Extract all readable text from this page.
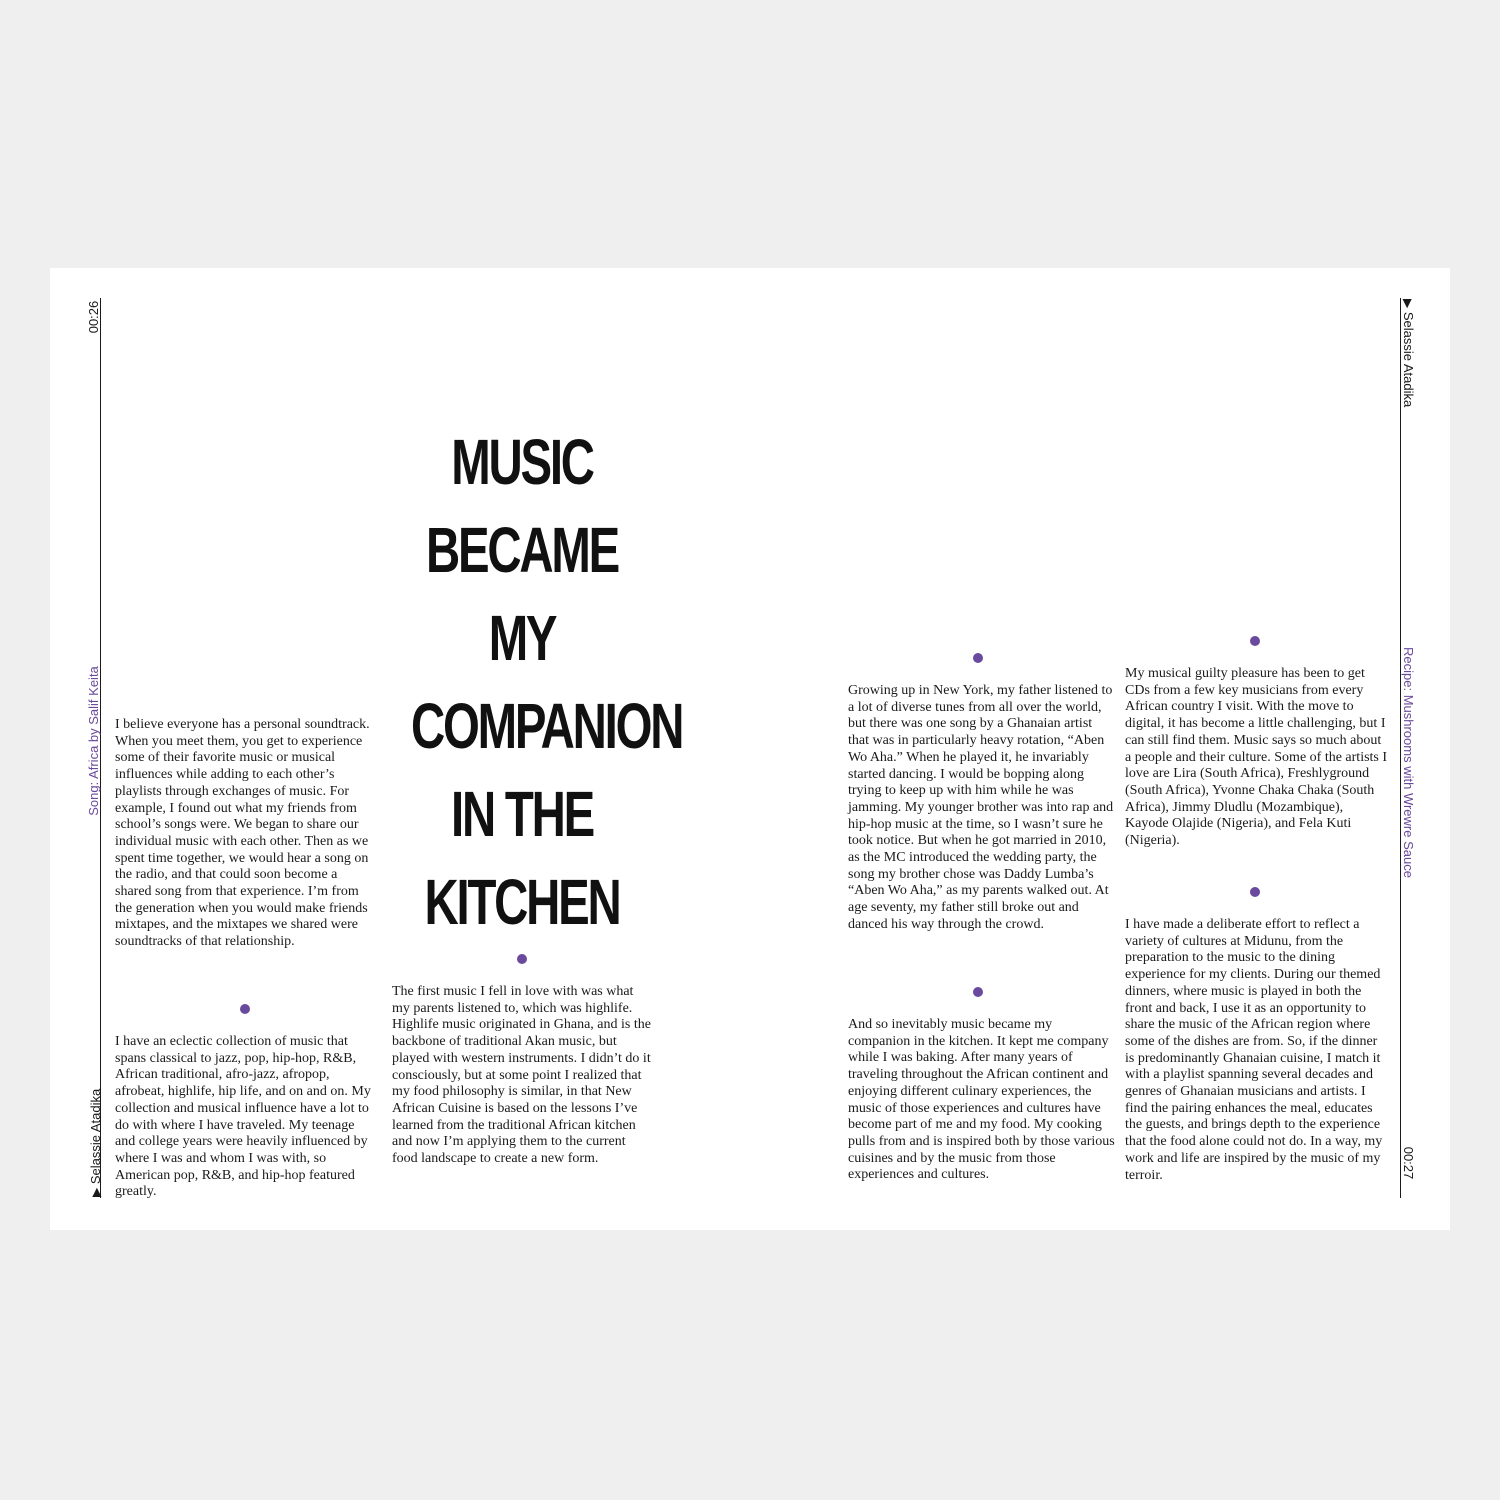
00:26
Song: Africa by Salif Keita
▶ Selassie Atadika
▶ Selassie Atadika
Recipe: Mushrooms with Wrewre Sauce
00:27
MUSIC
BECAME
MY
COMPANION
IN THE
KITCHEN

I believe everyone has a personal soundtrack. When you meet them, you get to experience some of their favorite music or musical influences while adding to each other’s playlists through exchanges of music. For example, I found out what my friends from school’s songs were. We began to share our individual music with each other. Then as we spent time together, we would hear a song on the radio, and that could soon become a shared song from that experience. I’m from the generation when you would make friends mixtapes, and the mixtapes we shared were soundtracks of that relationship.

I have an eclectic collection of music that spans classical to jazz, pop, hip-hop, R&B, African traditional, afro-jazz, afropop, afrobeat, highlife, hip life, and on and on. My collection and musical influence have a lot to do with where I have traveled. My teenage and college years were heavily influenced by where I was and whom I was with, so American pop, R&B, and hip-hop featured greatly.

The first music I fell in love with was what my parents listened to, which was highlife. Highlife music originated in Ghana, and is the backbone of traditional Akan music, but played with western instruments. I didn’t do it consciously, but at some point I realized that my food philosophy is similar, in that New African Cuisine is based on the lessons I’ve learned from the traditional African kitchen and now I’m applying them to the current food landscape to create a new form.

Growing up in New York, my father listened to a lot of diverse tunes from all over the world, but there was one song by a Ghanaian artist that was in particularly heavy rotation, “Aben Wo Aha.” When he played it, he invariably started dancing. I would be bopping along trying to keep up with him while he was jamming. My younger brother was into rap and hip-hop music at the time, so I wasn’t sure he took notice. But when he got married in 2010, as the MC introduced the wedding party, the song my brother chose was Daddy Lumba’s “Aben Wo Aha,” as my parents walked out. At age seventy, my father still broke out and danced his way through the crowd.

And so inevitably music became my companion in the kitchen. It kept me company while I was baking. After many years of traveling throughout the African continent and enjoying different culinary experiences, the music of those experiences and cultures have become part of me and my food. My cooking pulls from and is inspired both by those various cuisines and by the music from those experiences and cultures.

My musical guilty pleasure has been to get CDs from a few key musicians from every African country I visit. With the move to digital, it has become a little challenging, but I can still find them. Music says so much about a people and their culture. Some of the artists I love are Lira (South Africa), Freshlyground (South Africa), Yvonne Chaka Chaka (South Africa), Jimmy Dludlu (Mozambique), Kayode Olajide (Nigeria), and Fela Kuti (Nigeria).

I have made a deliberate effort to reflect a variety of cultures at Midunu, from the preparation to the music to the dining experience for my clients. During our themed dinners, where music is played in both the front and back, I use it as an opportunity to share the music of the African region where some of the dishes are from. So, if the dinner is predominantly Ghanaian cuisine, I match it with a playlist spanning several decades and genres of Ghanaian musicians and artists. I find the pairing enhances the meal, educates the guests, and brings depth to the experience that the food alone could not do. In a way, my work and life are inspired by the music of my terroir.
